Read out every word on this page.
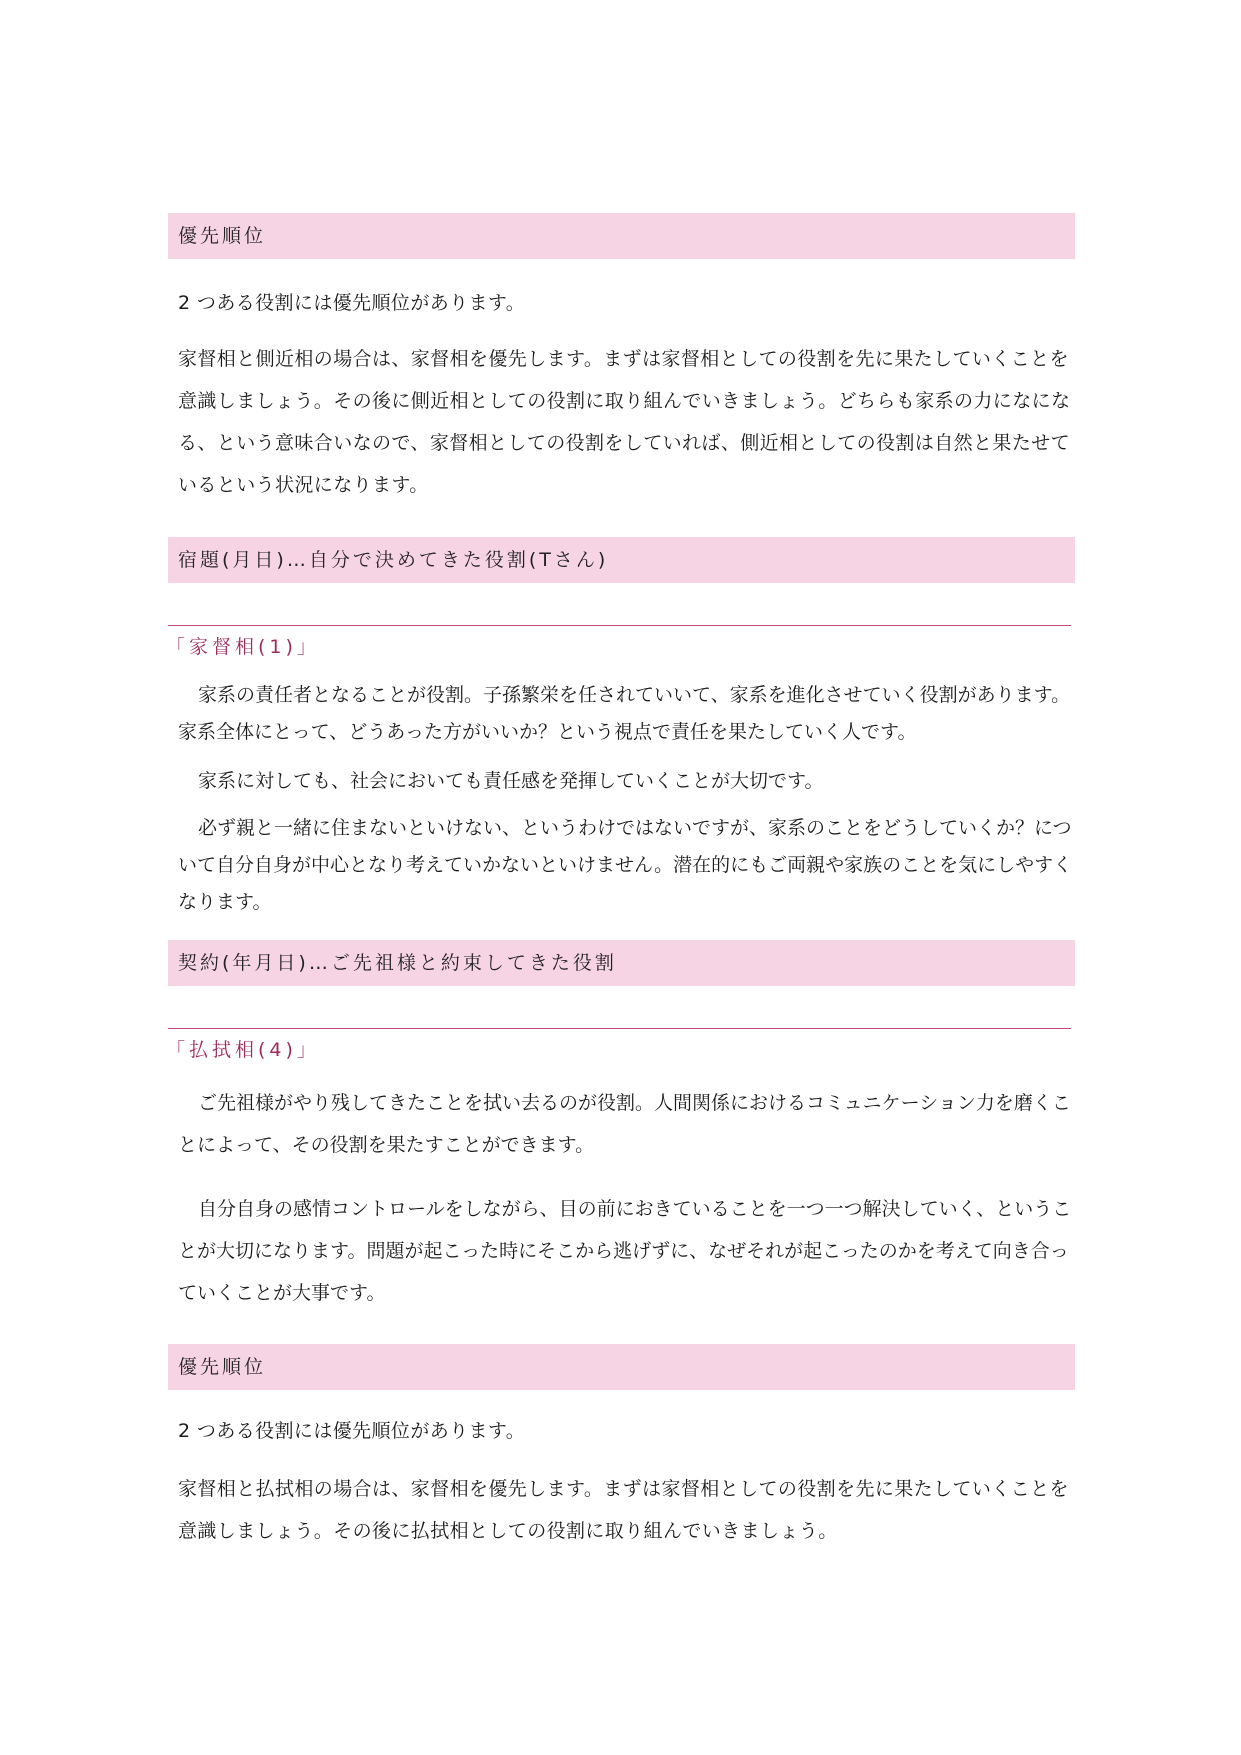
優先順位

2 つある役割には優先順位があります。

家督相と側近相の場合は、家督相を優先します。まずは家督相としての役割を先に果たしていくことを意識しましょう。その後に側近相としての役割に取り組んでいきましょう。どちらも家系の力になになる、という意味合いなので、家督相としての役割をしていれば、側近相としての役割は自然と果たせているという状況になります。

宿題(月日)…自分で決めてきた役割(Tさん)
「家督相(1)」

家系の責任者となることが役割。子孫繁栄を任されていいて、家系を進化させていく役割があります。家系全体にとって、どうあった方がいいか？という視点で責任を果たしていく人です。

家系に対しても、社会においても責任感を発揮していくことが大切です。

必ず親と一緒に住まないといけない、というわけではないですが、家系のことをどうしていくか？について自分自身が中心となり考えていかないといけません。潜在的にもご両親や家族のことを気にしやすくなります。

契約(年月日)…ご先祖様と約束してきた役割
「払拭相(4)」

ご先祖様がやり残してきたことを拭い去るのが役割。人間関係におけるコミュニケーション力を磨くことによって、その役割を果たすことができます。

自分自身の感情コントロールをしながら、目の前におきていることを一つ一つ解決していく、ということが大切になります。問題が起こった時にそこから逃げずに、なぜそれが起こったのかを考えて向き合っていくことが大事です。

優先順位

2 つある役割には優先順位があります。

家督相と払拭相の場合は、家督相を優先します。まずは家督相としての役割を先に果たしていくことを意識しましょう。その後に払拭相としての役割に取り組んでいきましょう。
